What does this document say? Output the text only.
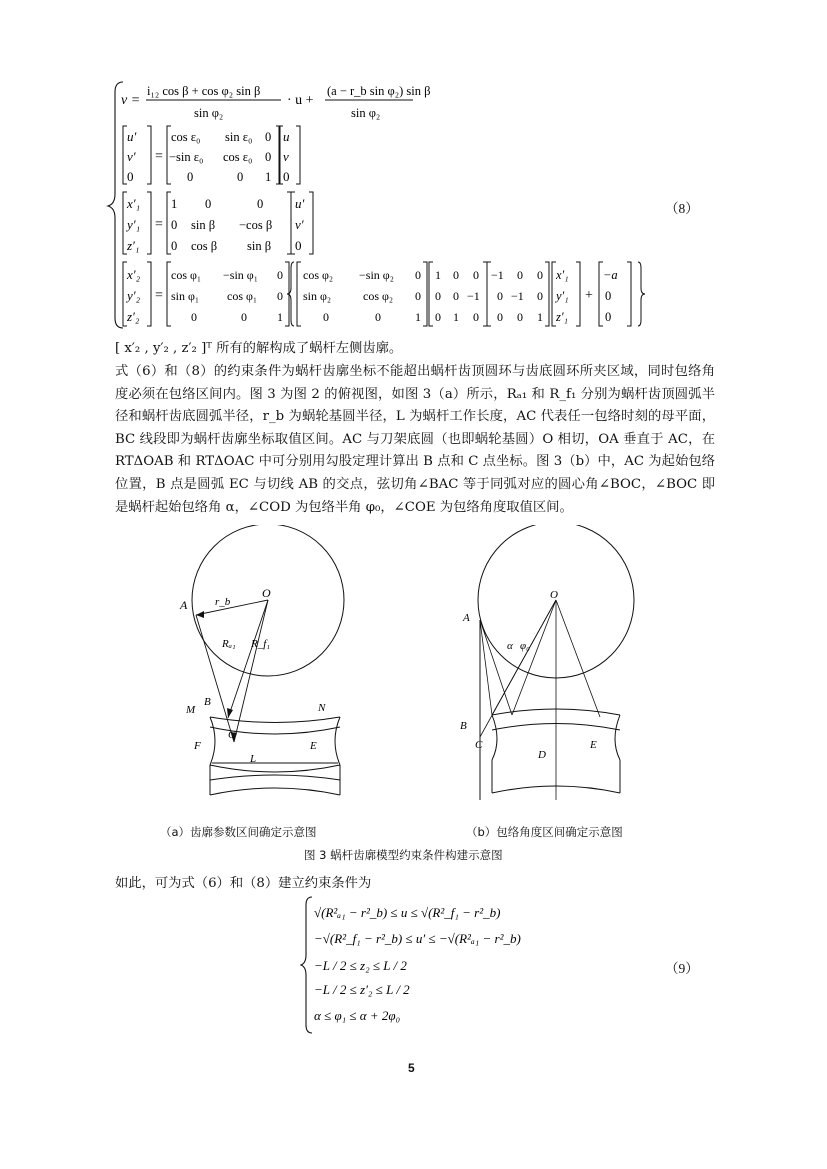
v =
i₁₂ cos β + cos φ₂ sin β
sin φ₂
· u +
(a − r_b sin φ₂) sin β
sin φ₂
u′
v′
0
=
cos ε₀ sin ε₀ 0
−sin ε₀ cos ε₀ 0
0	0 1
u
v
0
x′₁
y′₁
z′₁
=
1 0	0
0 sin β −cos β
0 cos β sin β
u′
v′
0
x′₂
y′₂
z′₂
=
cos φ₁ −sin φ₁ 0
sin φ₁ cos φ₁ 0
0	0	1
cos φ₂ −sin φ₂ 0
sin φ₂	cos φ₂ 0
0	0	1
1 0 0
0 0 −1
0 1 0
−1 0 0
0 −1 0
0 0 1
x′₁
y′₁
z′₁
+
−a
0
0
（8）
[ x′₂ , y′₂ , z′₂ ]ᵀ 所有的解构成了蜗杆左侧齿廓。
式（6）和（8）的约束条件为蜗杆齿廓坐标不能超出蜗杆齿顶圆环与齿底圆环所夹区域，同时包络角度必须在包络区间内。图 3 为图 2 的俯视图，如图 3（a）所示，Rₐ₁ 和 R_f₁ 分别为蜗杆齿顶圆弧半径和蜗杆齿底圆弧半径，r_b 为蜗轮基圆半径，L 为蜗杆工作长度，AC 代表任一包络时刻的母平面，BC 线段即为蜗杆齿廓坐标取值区间。AC 与刀架底圆（也即蜗轮基圆）O 相切，OA 垂直于 AC，在 RTΔOAB 和 RTΔOAC 中可分别用勾股定理计算出 B 点和 C 点坐标。图 3（b）中，AC 为起始包络位置，B 点是圆弧 EC 与切线 AB 的交点，弦切角∠BAC 等于同弧对应的圆心角∠BOC，∠BOC 即是蜗杆起始包络角 α，∠COD 为包络半角 φ₀，∠COE 为包络角度取值区间。
A
O
r_b
Rₐ₁ R_f₁
B
M	N
F
C
E
L
O
A
α φ₀
B
C
D
E
（a）齿廓参数区间确定示意图	（b）包络角度区间确定示意图
图 3 蜗杆齿廓模型约束条件构建示意图
如此，可为式（6）和（8）建立约束条件为
√(R²ₐ₁ − r²_b) ≤ u ≤ √(R²_f₁ − r²_b)
−√(R²_f₁ − r²_b) ≤ u′ ≤ −√(R²ₐ₁ − r²_b)
−L / 2 ≤ z₂ ≤ L / 2
−L / 2 ≤ z′₂ ≤ L / 2
α ≤ φ₁ ≤ α + 2φ₀
（9）
5
